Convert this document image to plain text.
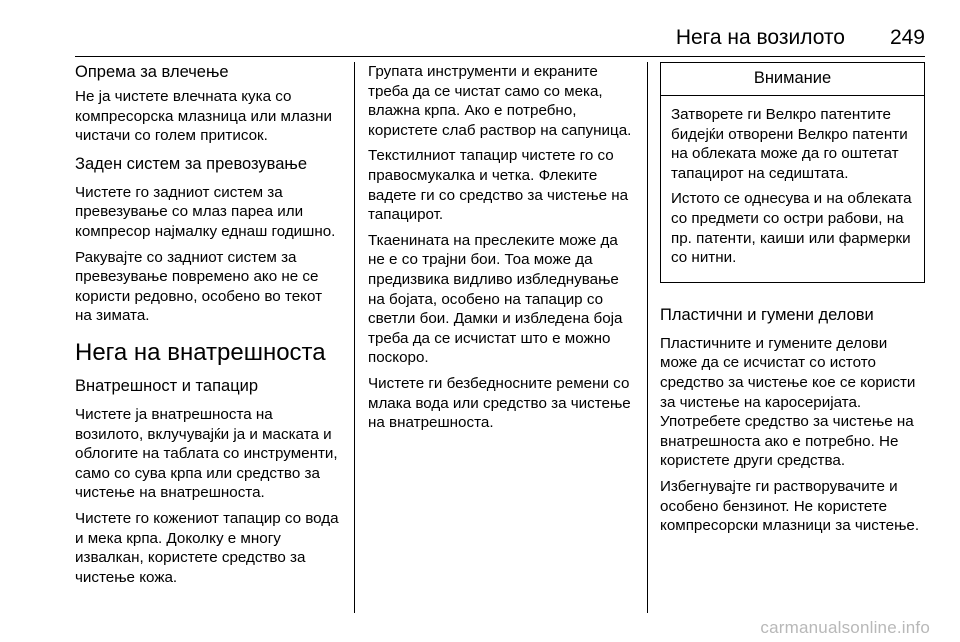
Нега на возилото 249
Опрема за влечење

Не ја чистете влечната кука со компресорска млазница или млазни чистачи со голем притисок.

Заден систем за превозување

Чистете го задниот систем за превезување со млаз пареа или компресор најмалку еднаш годишно.

Ракувајте со задниот систем за превезување повремено ако не се користи редовно, особено во текот на зимата.

Нега на внатрешноста
Внатрешност и тапацир

Чистете ја внатрешноста на возилото, вклучувајќи ја и маската и облогите на таблата со инструменти, само со сува крпа или средство за чистење на внатрешноста.

Чистете го кожениот тапацир со вода и мека крпа. Доколку е многу извалкан, користете средство за чистење кожа.

Групата инструменти и екраните треба да се чистат само со мека, влажна крпа. Ако е потребно, користете слаб раствор на сапуница.

Текстилниот тапацир чистете го со правосмукалка и четка. Флеките вадете ги со средство за чистење на тапацирот.

Ткаенината на преслеките може да не е со трајни бои. Тоа може да предизвика видливо избледнување на бојата, особено на тапацир со светли бои. Дамки и избледена боја треба да се исчистат што е можно поскоро.

Чистете ги безбедносните ремени со млака вода или средство за чистење на внатрешноста.

Внимание

Затворете ги Велкро патентите бидејќи отворени Велкро патенти на облеката може да го оштетат тапацирот на седиштата.

Истото се однесува и на облеката со предмети со остри рабови, на пр. патенти, каиши или фармерки со нитни.

Пластични и гумени делови

Пластичните и гумените делови може да се исчистат со истото средство за чистење кое се користи за чистење на каросеријата. Употребете средство за чистење на внатрешноста ако е потребно. Не користете други средства.

Избегнувајте ги растворувачите и особено бензинот. Не користете компресорски млазници за чистење.

carmanualsonline.info
